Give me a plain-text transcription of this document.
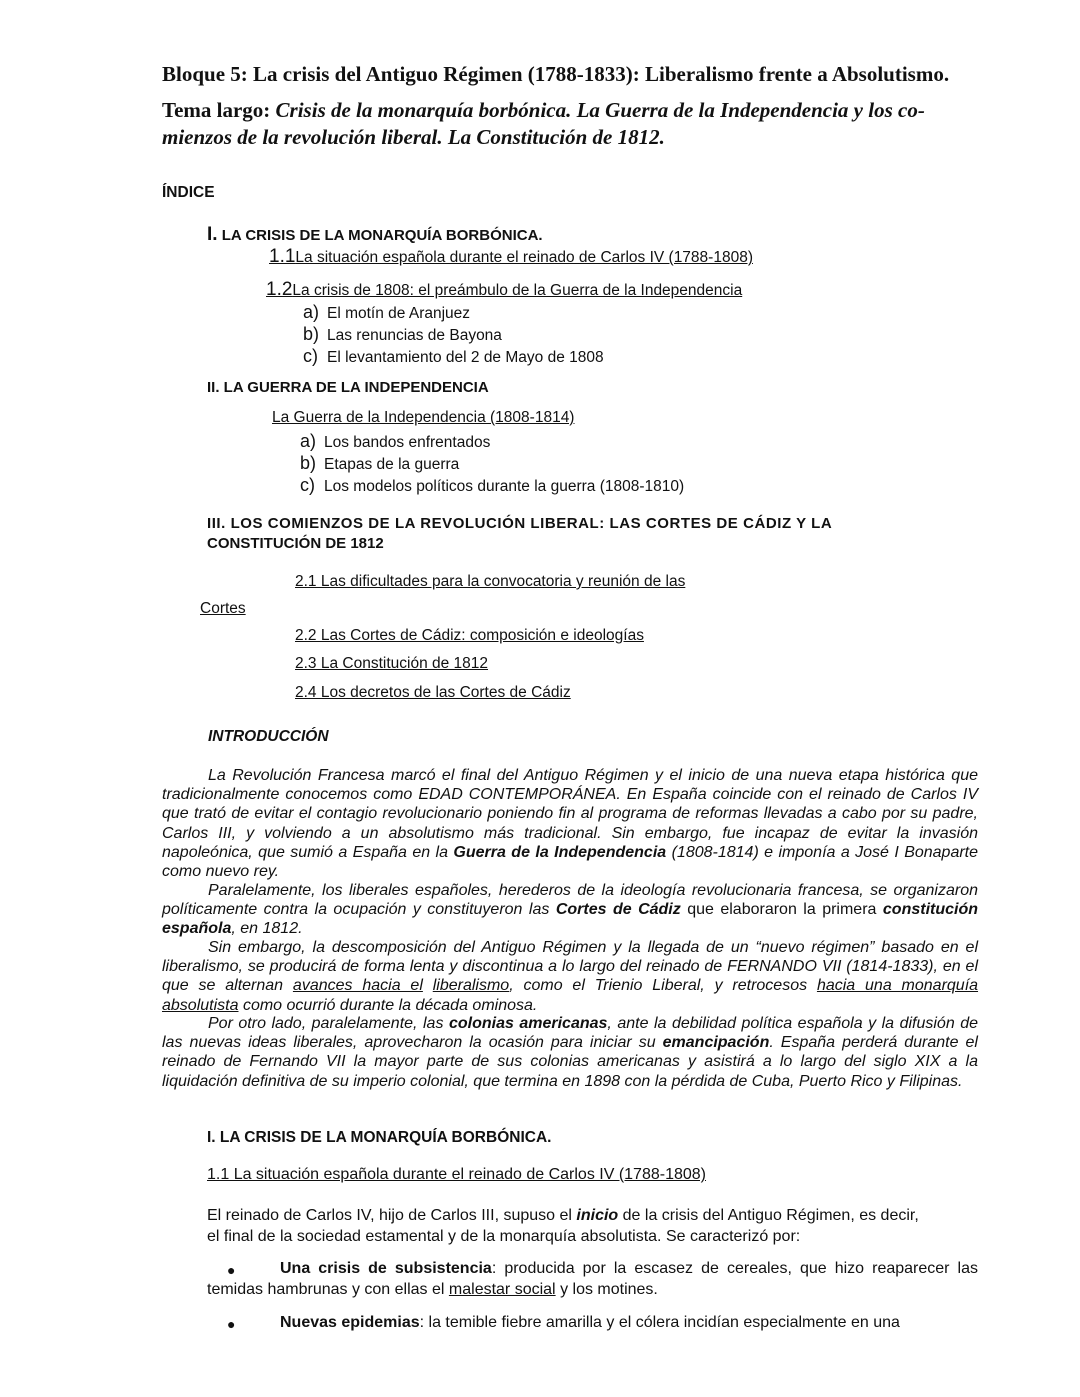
Bloque 5: La crisis del Antiguo Régimen (1788-1833): Liberalismo frente a Absolutismo.
Tema largo: Crisis de la monarquía borbónica. La Guerra de la Independencia y los co- mienzos de la revolución liberal. La Constitución de 1812.
ÍNDICE
I. LA CRISIS DE LA MONARQUÍA BORBÓNICA.
1.1La situación española durante el reinado de Carlos IV (1788-1808)
1.2La crisis de 1808: el preámbulo de la Guerra de la Independencia
a) El motín de Aranjuez
b) Las renuncias de Bayona
c) El levantamiento del 2 de Mayo de 1808
II. LA GUERRA DE LA INDEPENDENCIA
La Guerra de la Independencia (1808-1814)
a) Los bandos enfrentados
b) Etapas de la guerra
c) Los modelos políticos durante la guerra (1808-1810)
III. LOS COMIENZOS DE LA REVOLUCIÓN LIBERAL: LAS CORTES DE CÁDIZ Y LA
CONSTITUCIÓN DE 1812
2.1 Las dificultades para la convocatoria y reunión de las
Cortes
2.2 Las Cortes de Cádiz: composición e ideologías
2.3 La Constitución de 1812
2.4 Los decretos de las Cortes de Cádiz
INTRODUCCIÓN
La Revolución Francesa marcó el final del Antiguo Régimen y el inicio de una nueva etapa histórica que tradicionalmente conocemos como EDAD CONTEMPORÁNEA. En España coincide con el reinado de Carlos IV que trató de evitar el contagio revolucionario poniendo fin al programa de reformas llevadas a cabo por su padre, Carlos III, y volviendo a un absolutismo más tradicional. Sin embargo, fue incapaz de evitar la invasión napoleónica, que sumió a España en la Guerra de la Independencia (1808-1814) e imponía a José I Bonaparte como nuevo rey.
Paralelamente, los liberales españoles, herederos de la ideología revolucionaria francesa, se organizaron políticamente contra la ocupación y constituyeron las Cortes de Cádiz que elaboraron la primera constitución española, en 1812.
Sin embargo, la descomposición del Antiguo Régimen y la llegada de un “nuevo régimen” basado en el liberalismo, se producirá de forma lenta y discontinua a lo largo del reinado de FERNANDO VII (1814-1833), en el que se alternan avances hacia el liberalismo, como el Trienio Liberal, y retrocesos hacia una monarquía absolutista como ocurrió durante la década ominosa.
Por otro lado, paralelamente, las colonias americanas, ante la debilidad política española y la difusión de las nuevas ideas liberales, aprovecharon la ocasión para iniciar su emancipación. España perderá durante el reinado de Fernando VII la mayor parte de sus colonias americanas y asistirá a lo largo del siglo XIX a la liquidación definitiva de su imperio colonial, que termina en 1898 con la pérdida de Cuba, Puerto Rico y Filipinas.
I. LA CRISIS DE LA MONARQUÍA BORBÓNICA.
1.1 La situación española durante el reinado de Carlos IV (1788-1808)
El reinado de Carlos IV, hijo de Carlos III, supuso el inicio de la crisis del Antiguo Régimen, es decir, el final de la sociedad estamental y de la monarquía absolutista. Se caracterizó por:
●	Una crisis de subsistencia: producida por la escasez de cereales, que hizo reaparecer las temidas hambrunas y con ellas el malestar social y los motines.
●	Nuevas epidemias: la temible fiebre amarilla y el cólera incidían especialmente en una
